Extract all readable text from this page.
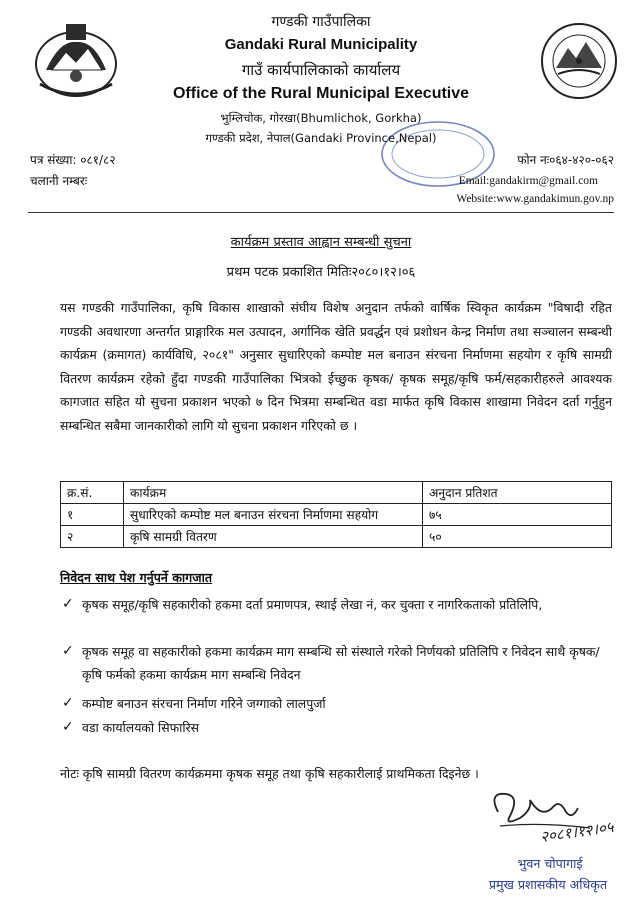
गण्डकी गाउँपालिका
Gandaki Rural Municipality
गाउँ कार्यपालिकाको कार्यालय
Office of the Rural Municipal Executive
भुम्लिचोक, गोरखा(Bhumlichok, Gorkha)
गण्डकी प्रदेश, नेपाल(Gandaki Province,Nepal)
पत्र संख्या: ०८१/८२
चलानी नम्बरः
फोन नः०६४-४२०-०६२
Email:gandakirm@gmail.com
Website:www.gandakimun.gov.np
कार्यक्रम प्रस्ताव आह्वान सम्बन्धी सुचना
प्रथम पटक प्रकाशित मितिः२०८०।१२।०६
यस गण्डकी गाउँपालिका, कृषि विकास शाखाको संघीय विशेष अनुदान तर्फको वार्षिक स्विकृत कार्यक्रम "विषादी रहित गण्डकी अवधारणा अन्तर्गत प्राङ्गारिक मल उत्पादन, अर्गानिक खेति प्रवर्द्धन एवं प्रशोधन केन्द्र निर्माण तथा सञ्चालन सम्बन्धी कार्यक्रम (क्रमागत) कार्यविधि, २०८१" अनुसार सुधारिएको कम्पोष्ट मल बनाउन संरचना निर्माणमा सहयोग र कृषि सामग्री वितरण कार्यक्रम रहेको हुँदा गण्डकी गाउँपालिका भित्रको ईच्छुक कृषक/ कृषक समूह/कृषि फर्म/सहकारीहरुले आवश्यक कागजात सहित यो सुचना प्रकाशन भएको ७ दिन भित्रमा सम्बन्धित वडा मार्फत कृषि विकास शाखामा निवेदन दर्ता गर्नुहुन सम्बन्धित सबैमा जानकारीको लागि यो सुचना प्रकाशन गरिएको छ ।
क्र.सं.	कार्यक्रम	अनुदान प्रतिशत
१	सुधारिएको कम्पोष्ट मल बनाउन संरचना निर्माणमा सहयोग	७५
२	कृषि सामग्री वितरण	५०
निवेदन साथ पेश गर्नुपर्ने कागजात
✓ कृषक समूह/कृषि सहकारीको हकमा दर्ता प्रमाणपत्र, स्थाई लेखा नं, कर चुक्ता र नागरिकताको प्रतिलिपि,
✓ कृषक समूह वा सहकारीको हकमा कार्यक्रम माग सम्बन्धि सो संस्थाले गरेको निर्णयको प्रतिलिपि र निवेदन साथै कृषक/कृषि फर्मको हकमा कार्यक्रम माग सम्बन्धि निवेदन
✓ कम्पोष्ट बनाउन संरचना निर्माण गरिने जग्गाको लालपुर्जा
✓ वडा कार्यालयको सिफारिस
नोटः कृषि सामग्री वितरण कार्यक्रममा कृषक समूह तथा कृषि सहकारीलाई प्राथमिकता दिइनेछ ।
२०८१।१२।०५
भुवन चोपागाई
प्रमुख प्रशासकीय अधिकृत
